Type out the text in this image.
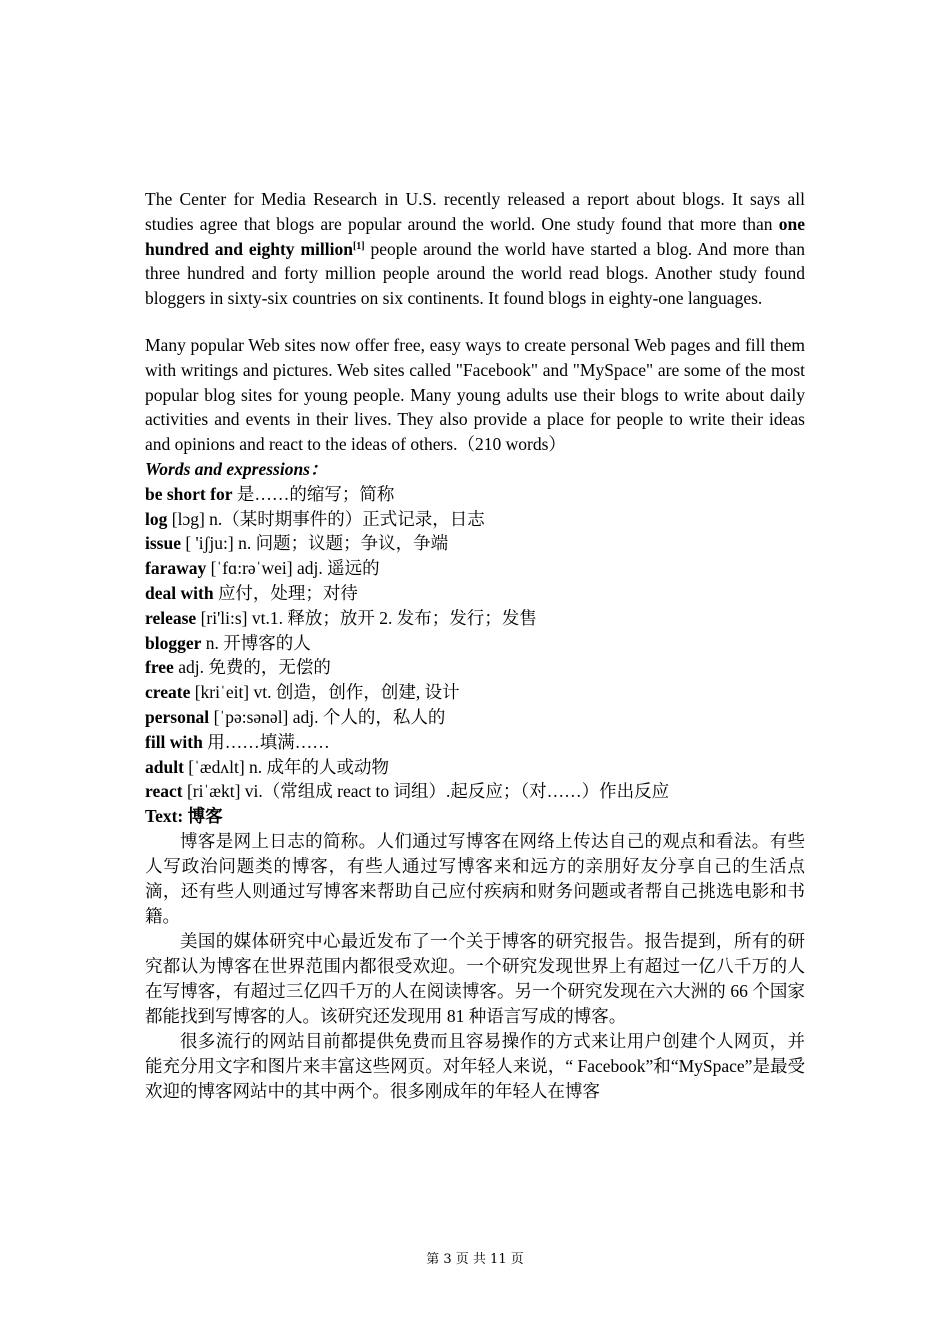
The Center for Media Research in U.S. recently released a report about blogs. It says all studies agree that blogs are popular around the world. One study found that more than one hundred and eighty million[1] people around the world have started a blog. And more than three hundred and forty million people around the world read blogs. Another study found bloggers in sixty-six countries on six continents. It found blogs in eighty-one languages.

Many popular Web sites now offer free, easy ways to create personal Web pages and fill them with writings and pictures. Web sites called "Facebook" and "MySpace" are some of the most popular blog sites for young people. Many young adults use their blogs to write about daily activities and events in their lives. They also provide a place for people to write their ideas and opinions and react to the ideas of others.（210 words）

Words and expressions：

be short for 是……的缩写；简称

log [lɔg] n.（某时期事件的）正式记录，日志

issue [ 'iʃju:] n. 问题；议题；争议，争端

faraway [ˈfɑ:rəˈwei] adj. 遥远的

deal with 应付，处理；对待

release [ri'li:s] vt.1. 释放；放开 2. 发布；发行；发售

blogger n. 开博客的人

free adj. 免费的，无偿的

create [kriˈeit] vt. 创造，创作，创建, 设计

personal [ˈpə:sənəl] adj. 个人的，私人的

fill with 用……填满……

adult [ˈædʌlt] n. 成年的人或动物

react [riˈækt] vi.（常组成 react to 词组）.起反应；（对……）作出反应

Text: 博客

博客是网上日志的简称。人们通过写博客在网络上传达自己的观点和看法。有些人写政治问题类的博客，有些人通过写博客来和远方的亲朋好友分享自己的生活点滴，还有些人则通过写博客来帮助自己应付疾病和财务问题或者帮自己挑选电影和书籍。

美国的媒体研究中心最近发布了一个关于博客的研究报告。报告提到，所有的研究都认为博客在世界范围内都很受欢迎。一个研究发现世界上有超过一亿八千万的人在写博客，有超过三亿四千万的人在阅读博客。另一个研究发现在六大洲的 66 个国家都能找到写博客的人。该研究还发现用 81 种语言写成的博客。

很多流行的网站目前都提供免费而且容易操作的方式来让用户创建个人网页，并能充分用文字和图片来丰富这些网页。对年轻人来说，“ Facebook”和“MySpace”是最受欢迎的博客网站中的其中两个。很多刚成年的年轻人在博客

第 3 页 共 11 页
